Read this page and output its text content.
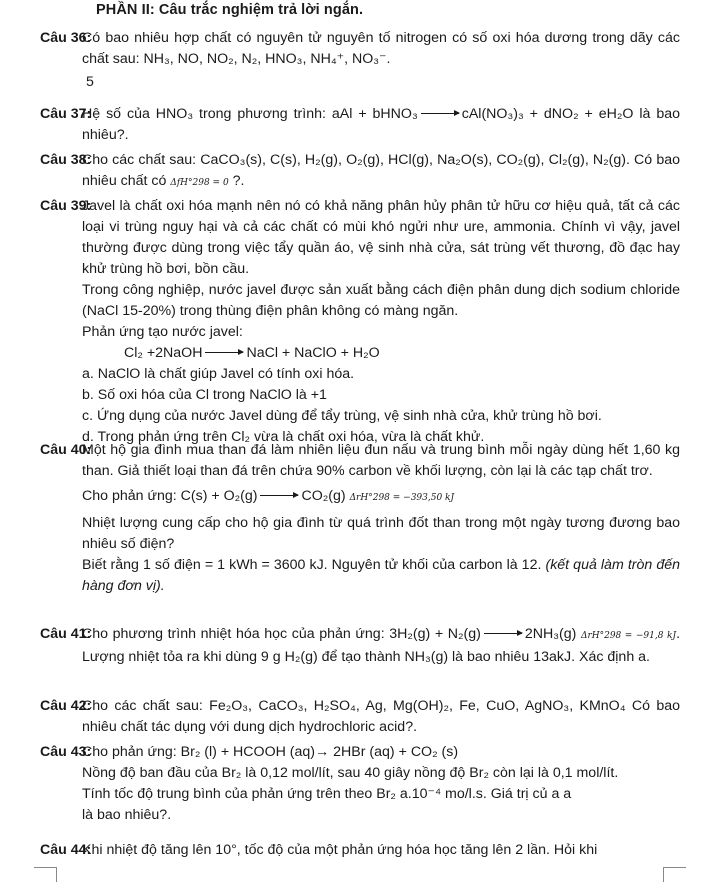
PHẦN II: Câu trắc nghiệm trả lời ngắn.
Câu 36:

Có bao nhiêu hợp chất có nguyên tử nguyên tố nitrogen có số oxi hóa dương trong dãy các chất sau: NH₃, NO, NO₂, N₂, HNO₃, NH₄⁺, NO₃⁻.

5
Câu 37:

Hệ số của HNO₃ trong phương trình: aAl + bHNO₃	cAl(NO₃)₃ + dNO₂ + eH₂O là bao nhiêu?.

Câu 38:

Cho các chất sau: CaCO₃(s), C(s), H₂(g), O₂(g), HCl(g), Na₂O(s), CO₂(g), Cl₂(g), N₂(g). Có bao nhiêu chất có ΔfH°298 = 0 ?.

Câu 39:

Javel là chất oxi hóa mạnh nên nó có khả năng phân hủy phân tử hữu cơ hiệu quả, tất cả các loại vi trùng nguy hại và cả các chất có mùi khó ngửi như ure, ammonia. Chính vì vậy, javel thường được dùng trong việc tẩy quần áo, vệ sinh nhà cửa, sát trùng vết thương, đồ đạc hay khử trùng hồ bơi, bồn cầu.

Trong công nghiệp, nước javel được sản xuất bằng cách điện phân dung dịch sodium chloride (NaCl 15-20%) trong thùng điện phân không có màng ngăn.

Phản ứng tạo nước javel:

Cl₂ +2NaOH	NaCl + NaClO + H₂O

a. NaClO là chất giúp Javel có tính oxi hóa.

b. Số oxi hóa của Cl trong NaClO là +1

c. Ứng dụng của nước Javel dùng để tẩy trùng, vệ sinh nhà cửa, khử trùng hồ bơi.

d. Trong phản ứng trên Cl₂ vừa là chất oxi hóa, vừa là chất khử.

Câu 40:

Một hộ gia đình mua than đá làm nhiên liệu đun nấu và trung bình mỗi ngày dùng hết 1,60 kg than. Giả thiết loại than đá trên chứa 90% carbon về khối lượng, còn lại là các tạp chất trơ.

Cho phản ứng: C(s) + O₂(g)	CO₂(g) ΔrH°298 = −393,50 kJ

Nhiệt lượng cung cấp cho hộ gia đình từ quá trình đốt than trong một ngày tương đương bao nhiêu số điện?

Biết rằng 1 số điện = 1 kWh = 3600 kJ. Nguyên tử khối của carbon là 12. (kết quả làm tròn đến hàng đơn vị).

Câu 41:

Cho phương trình nhiệt hóa học của phản ứng: 3H₂(g) + N₂(g)	2NH₃(g) ΔrH°298 = −91,8 kJ. Lượng nhiệt tỏa ra khi dùng 9 g H₂(g) để tạo thành NH₃(g) là bao nhiêu 13akJ. Xác định a.

Câu 42:

Cho các chất sau: Fe₂O₃, CaCO₃, H₂SO₄, Ag, Mg(OH)₂, Fe, CuO, AgNO₃, KMnO₄ Có bao nhiêu chất tác dụng với dung dịch hydrochloric acid?.

Câu 43:

Cho phản ứng: Br₂ (l) + HCOOH (aq)→ 2HBr (aq) + CO₂ (s)

Nồng độ ban đầu của Br₂ là 0,12 mol/lít, sau 40 giây nồng độ Br₂ còn lại là 0,1 mol/lít.

Tính tốc độ trung bình của phản ứng trên theo Br₂ a.10⁻⁴ mo/l.s. Giá trị củ a a

là bao nhiêu?.

Câu 44:

Khi nhiệt độ tăng lên 10°, tốc độ của một phản ứng hóa học tăng lên 2 lần. Hỏi khi
